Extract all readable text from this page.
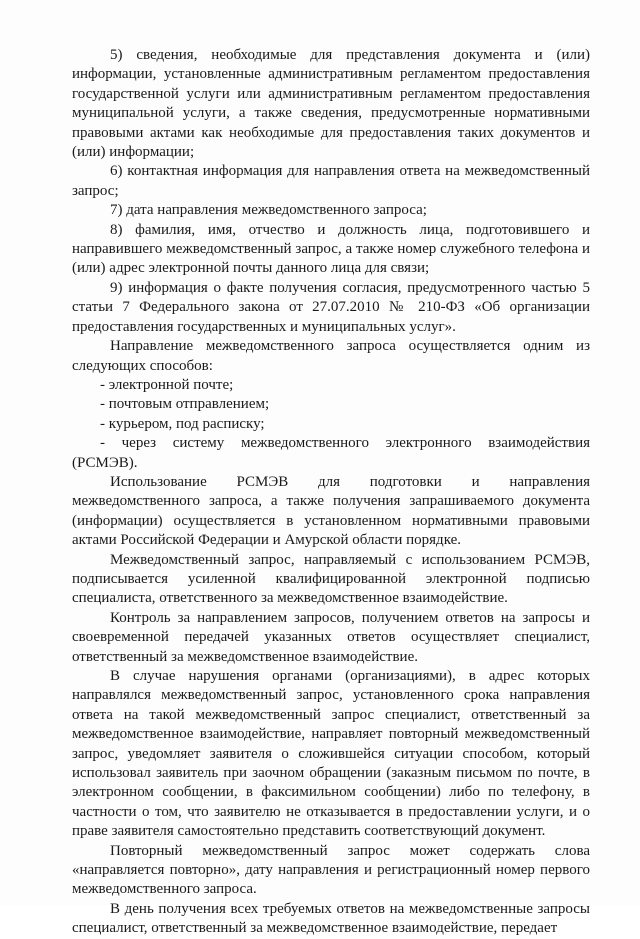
5) сведения, необходимые для представления документа и (или) информации, установленные административным регламентом предоставления государственной услуги или административным регламентом предоставления муниципальной услуги, а также сведения, предусмотренные нормативными правовыми актами как необходимые для предоставления таких документов и (или) информации;

6) контактная информация для направления ответа на межведомственный запрос;

7) дата направления межведомственного запроса;

8) фамилия, имя, отчество и должность лица, подготовившего и направившего межведомственный запрос, а также номер служебного телефона и (или) адрес электронной почты данного лица для связи;

9) информация о факте получения согласия, предусмотренного частью 5 статьи 7 Федерального закона от 27.07.2010 № 210-ФЗ «Об организации предоставления государственных и муниципальных услуг».

Направление межведомственного запроса осуществляется одним из следующих способов:

- электронной почте;

- почтовым отправлением;

- курьером, под расписку;

- через систему межведомственного электронного взаимодействия (РСМЭВ).

Использование РСМЭВ для подготовки и направления межведомственного запроса, а также получения запрашиваемого документа (информации) осуществляется в установленном нормативными правовыми актами Российской Федерации и Амурской области порядке.

Межведомственный запрос, направляемый с использованием РСМЭВ, подписывается усиленной квалифицированной электронной подписью специалиста, ответственного за межведомственное взаимодействие.

Контроль за направлением запросов, получением ответов на запросы и своевременной передачей указанных ответов осуществляет специалист, ответственный за межведомственное взаимодействие.

В случае нарушения органами (организациями), в адрес которых направлялся межведомственный запрос, установленного срока направления ответа на такой межведомственный запрос специалист, ответственный за межведомственное взаимодействие, направляет повторный межведомственный запрос, уведомляет заявителя о сложившейся ситуации способом, который использовал заявитель при заочном обращении (заказным письмом по почте, в электронном сообщении, в факсимильном сообщении) либо по телефону, в частности о том, что заявителю не отказывается в предоставлении услуги, и о праве заявителя самостоятельно представить соответствующий документ.

Повторный межведомственный запрос может содержать слова «направляется повторно», дату направления и регистрационный номер первого межведомственного запроса.

В день получения всех требуемых ответов на межведомственные запросы специалист, ответственный за межведомственное взаимодействие, передает
